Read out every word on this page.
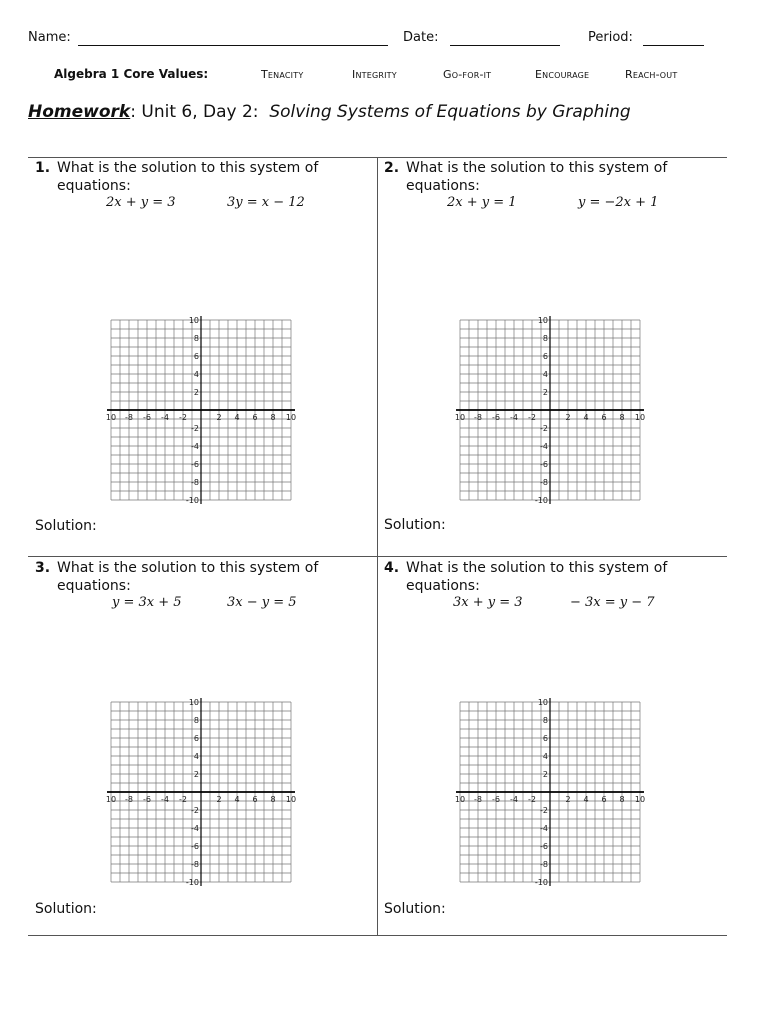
Name:	Date:	Period:
Algebra 1 Core Values:	Tenacity	Integrity	Go-for-it	Encourage	Reach-out
Homework: Unit 6, Day 2: Solving Systems of Equations by Graphing
1. What is the solution to this system of equations:
2x + y = 3	3y = x − 12
10 -8 -6 -4 -2	2 4 6 8 10
10
8
6
4
2
-2
-4
-6
-8
-10
Solution:
2. What is the solution to this system of equations:
2x + y = 1	y = −2x + 1
10 -8 -6 -4 -2	2 4 6 8 10
10
8
6
4
2
-2
-4
-6
-8
-10
Solution:
3. What is the solution to this system of equations:
y = 3x + 5	3x − y = 5
10 -8 -6 -4 -2	2 4 6 8 10
10
8
6
4
2
-2
-4
-6
-8
-10
Solution:
4. What is the solution to this system of equations:
3x + y = 3	− 3x = y − 7
10 -8 -6 -4 -2	2 4 6 8 10
10
8
6
4
2
-2
-4
-6
-8
-10
Solution:
